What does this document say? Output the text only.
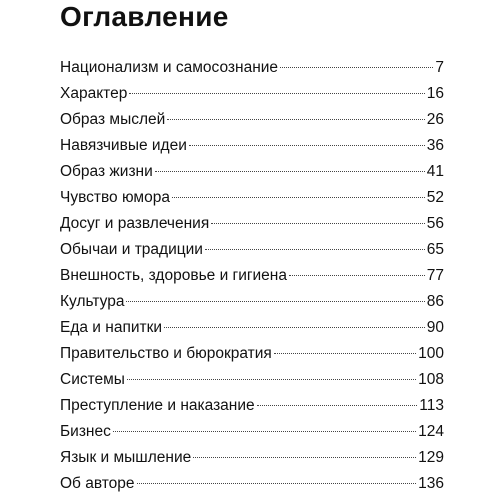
Оглавление
Национализм и самосознание	7
Характер	16
Образ мыслей	26
Навязчивые идеи	36
Образ жизни	41
Чувство юмора	52
Досуг и развлечения	56
Обычаи и традиции	65
Внешность, здоровье и гигиена	77
Культура	86
Еда и напитки	90
Правительство и бюрократия	100
Системы	108
Преступление и наказание	113
Бизнес	124
Язык и мышление	129
Об авторе	136
